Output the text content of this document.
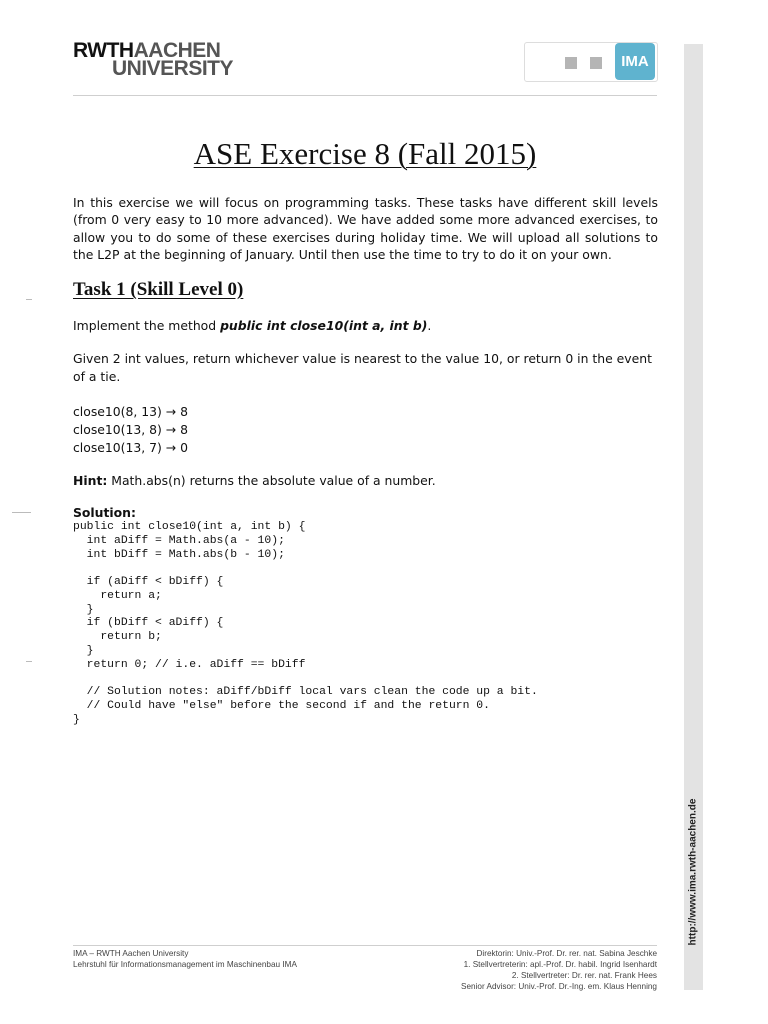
RWTHAACHEN
UNIVERSITY	IMA
http://www.ima.rwth-aachen.de
ASE Exercise 8 (Fall 2015)
In this exercise we will focus on programming tasks. These tasks have different skill levels (from 0 very easy to 10 more advanced). We have added some more advanced exercises, to allow you to do some of these exercises during holiday time. We will upload all solutions to the L2P at the beginning of January. Until then use the time to try to do it on your own.
Task 1 (Skill Level 0)
Implement the method public int close10(int a, int b).
Given 2 int values, return whichever value is nearest to the value 10, or return 0 in the event of a tie.
close10(8, 13) → 8
close10(13, 8) → 8
close10(13, 7) → 0
Hint: Math.abs(n) returns the absolute value of a number.
Solution:
public int close10(int a, int b) {
int aDiff = Math.abs(a - 10);
int bDiff = Math.abs(b - 10);

if (aDiff < bDiff) {
return a;
}
if (bDiff < aDiff) {
return b;
}
return 0; // i.e. aDiff == bDiff

// Solution notes: aDiff/bDiff local vars clean the code up a bit.
// Could have "else" before the second if and the return 0.
}
IMA – RWTH Aachen University
Lehrstuhl für Informationsmanagement im Maschinenbau IMA
Direktorin: Univ.-Prof. Dr. rer. nat. Sabina Jeschke
1. Stellvertreterin: apl.-Prof. Dr. habil. Ingrid Isenhardt
2. Stellvertreter: Dr. rer. nat. Frank Hees
Senior Advisor: Univ.-Prof. Dr.-Ing. em. Klaus Henning
